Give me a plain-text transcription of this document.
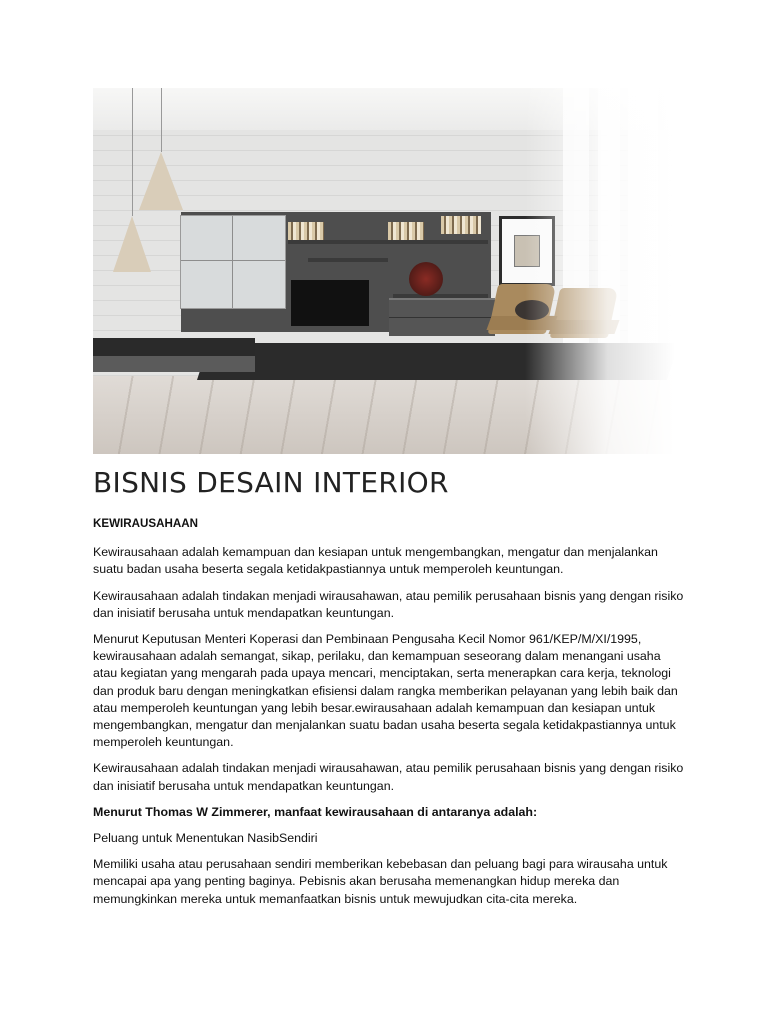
BISNIS DESAIN INTERIOR

KEWIRAUSAHAAN

Kewirausahaan adalah kemampuan dan kesiapan untuk mengembangkan, mengatur dan menjalankan suatu badan usaha beserta segala ketidakpastiannya untuk memperoleh keuntungan.

Kewirausahaan adalah tindakan menjadi wirausahawan, atau pemilik perusahaan bisnis yang dengan risiko dan inisiatif berusaha untuk mendapatkan keuntungan.

Menurut Keputusan Menteri Koperasi dan Pembinaan Pengusaha Kecil Nomor 961/KEP/M/XI/1995, kewirausahaan adalah semangat, sikap, perilaku, dan kemampuan seseorang dalam menangani usaha atau kegiatan yang mengarah pada upaya mencari, menciptakan, serta menerapkan cara kerja, teknologi dan produk baru dengan meningkatkan efisiensi dalam rangka memberikan pelayanan yang lebih baik dan atau memperoleh keuntungan yang lebih besar.ewirausahaan adalah kemampuan dan kesiapan untuk mengembangkan, mengatur dan menjalankan suatu badan usaha beserta segala ketidakpastiannya untuk memperoleh keuntungan.

Kewirausahaan adalah tindakan menjadi wirausahawan, atau pemilik perusahaan bisnis yang dengan risiko dan inisiatif berusaha untuk mendapatkan keuntungan.

Menurut Thomas W Zimmerer, manfaat kewirausahaan di antaranya adalah:

Peluang untuk Menentukan NasibSendiri

Memiliki usaha atau perusahaan sendiri memberikan kebebasan dan peluang bagi para wirausaha untuk mencapai apa yang penting baginya. Pebisnis akan berusaha memenangkan hidup mereka dan memungkinkan mereka untuk memanfaatkan bisnis untuk mewujudkan cita-cita mereka.
